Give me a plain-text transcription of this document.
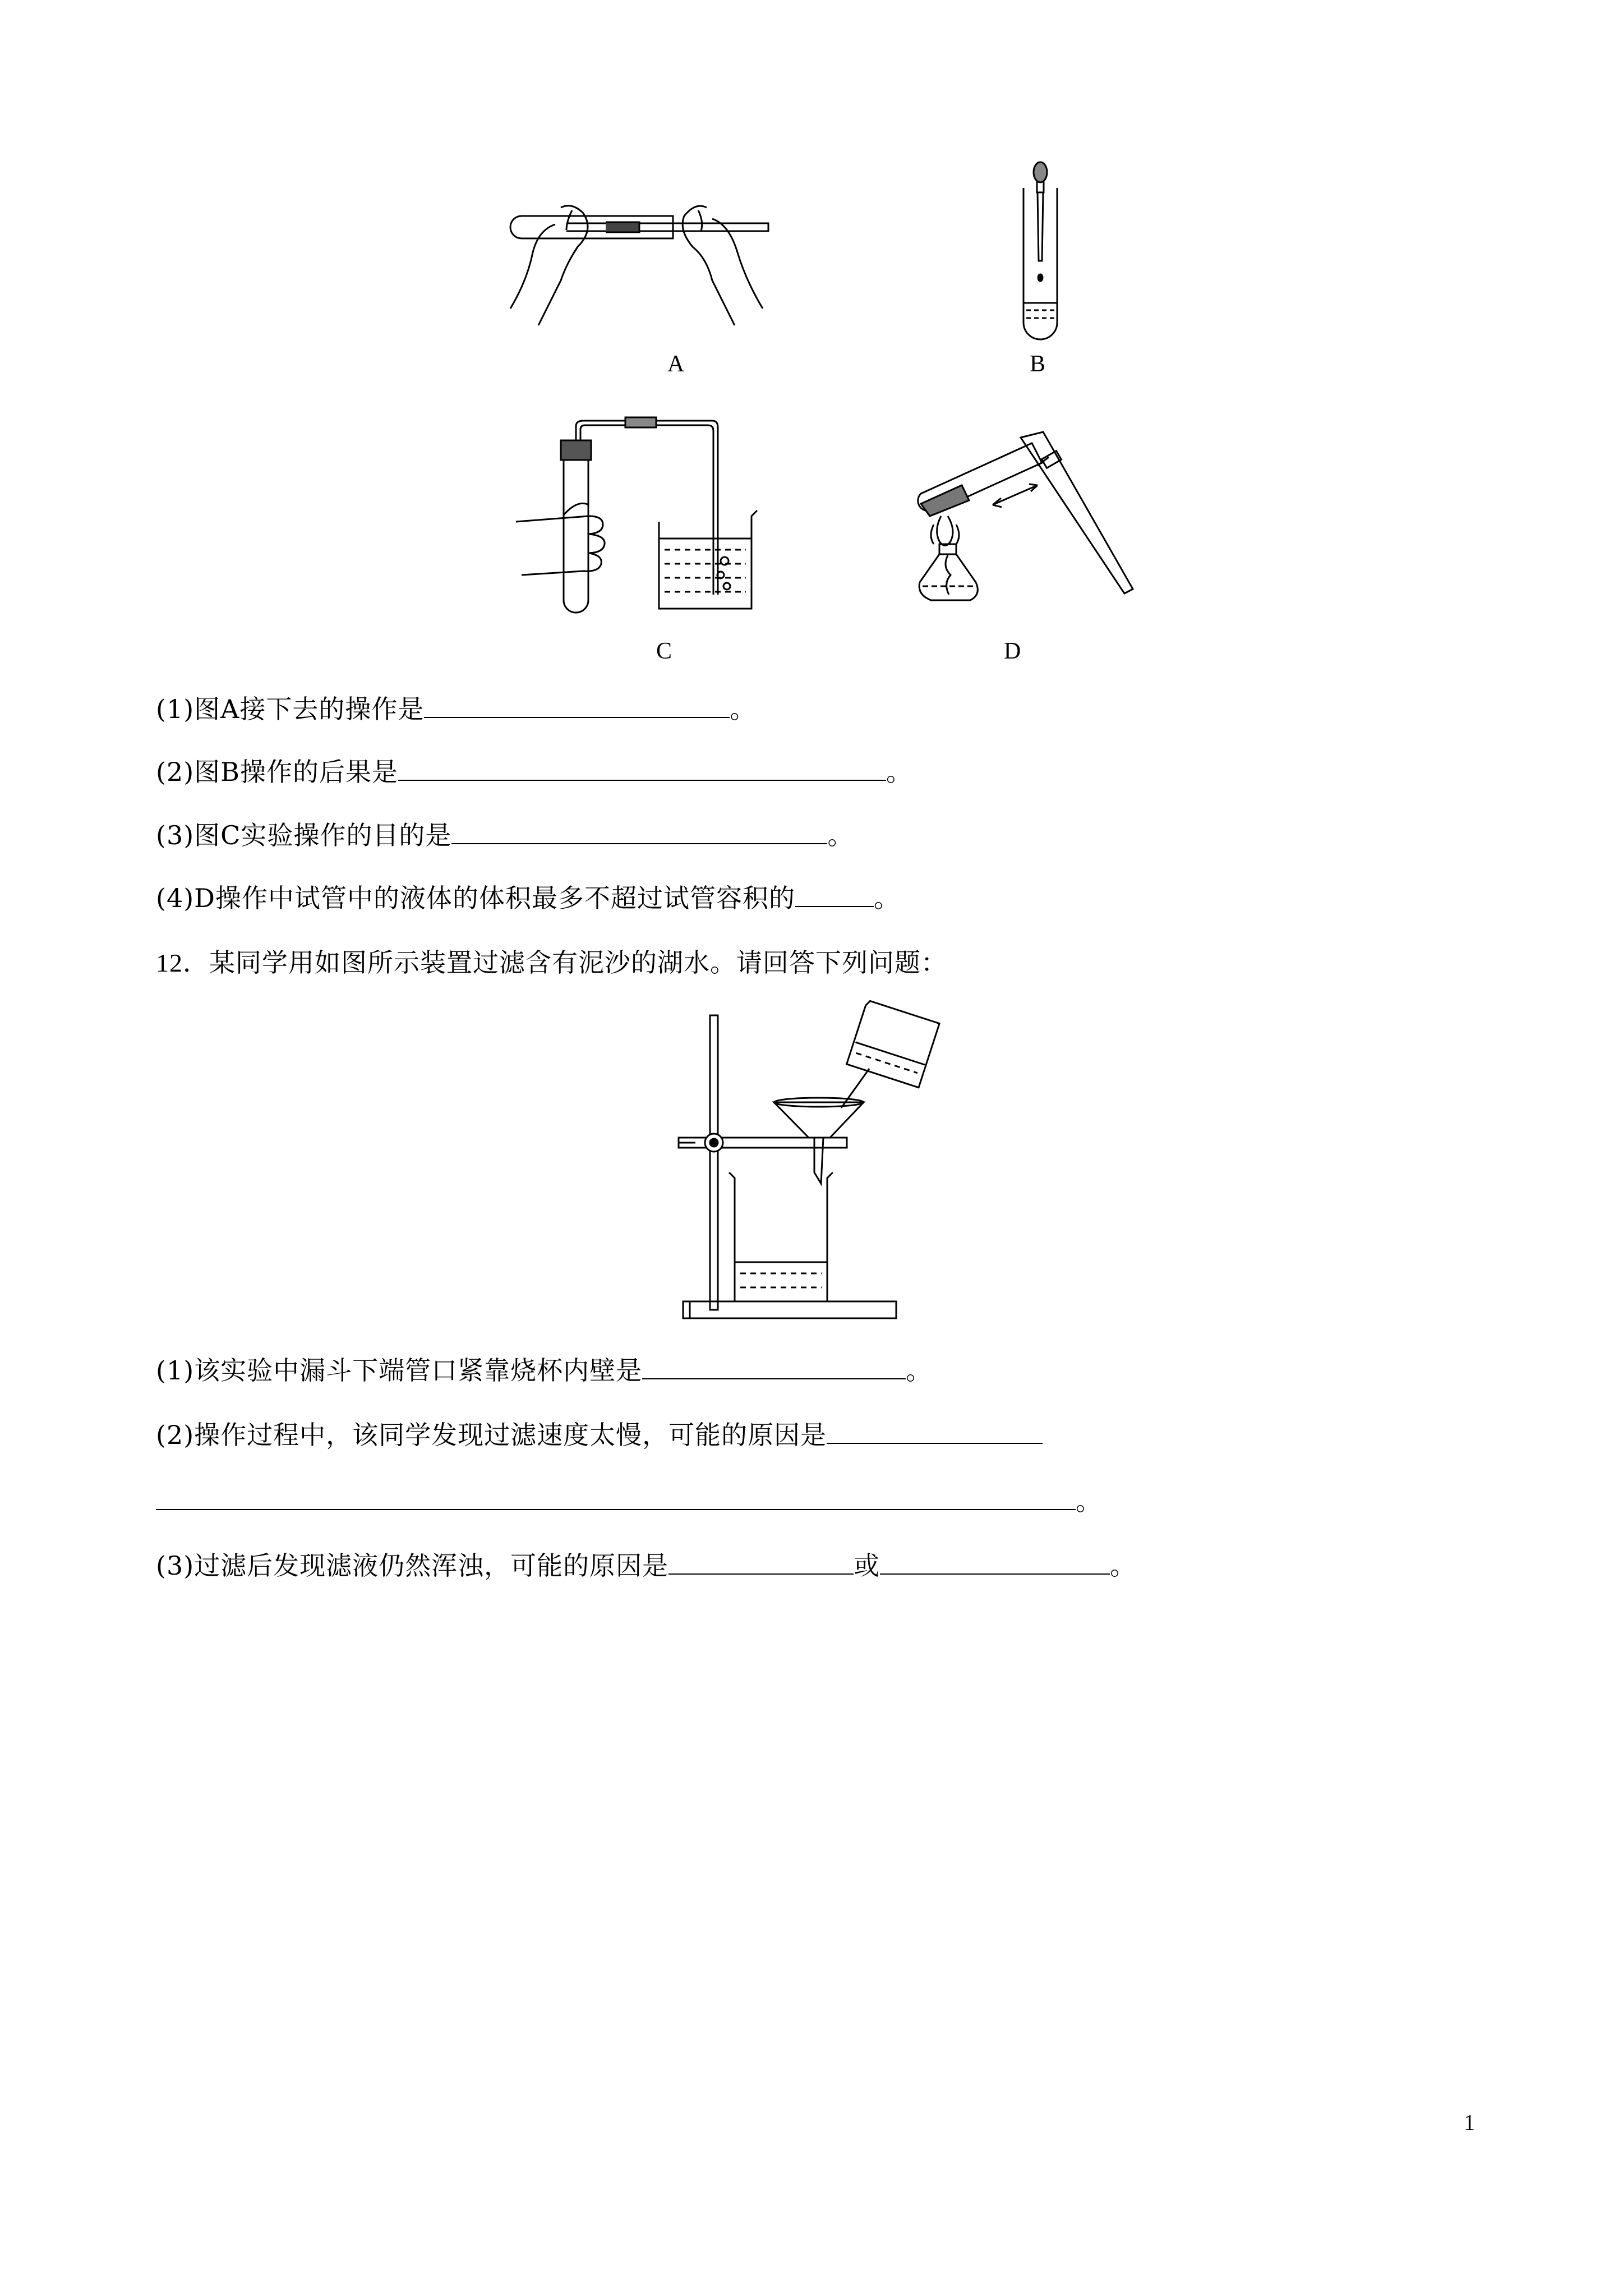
A	B
C	D
(1)图A接下去的操作是	。
(2)图B操作的后果是	。
(3)图C实验操作的目的是	。
(4)D操作中试管中的液体的体积最多不超过试管容积的	。
12．某同学用如图所示装置过滤含有泥沙的湖水。请回答下列问题：
(1)该实验中漏斗下端管口紧靠烧杯内壁是	。
(2)操作过程中，该同学发现过滤速度太慢，可能的原因是
。
(3)过滤后发现滤液仍然浑浊，可能的原因是	或	。
1
